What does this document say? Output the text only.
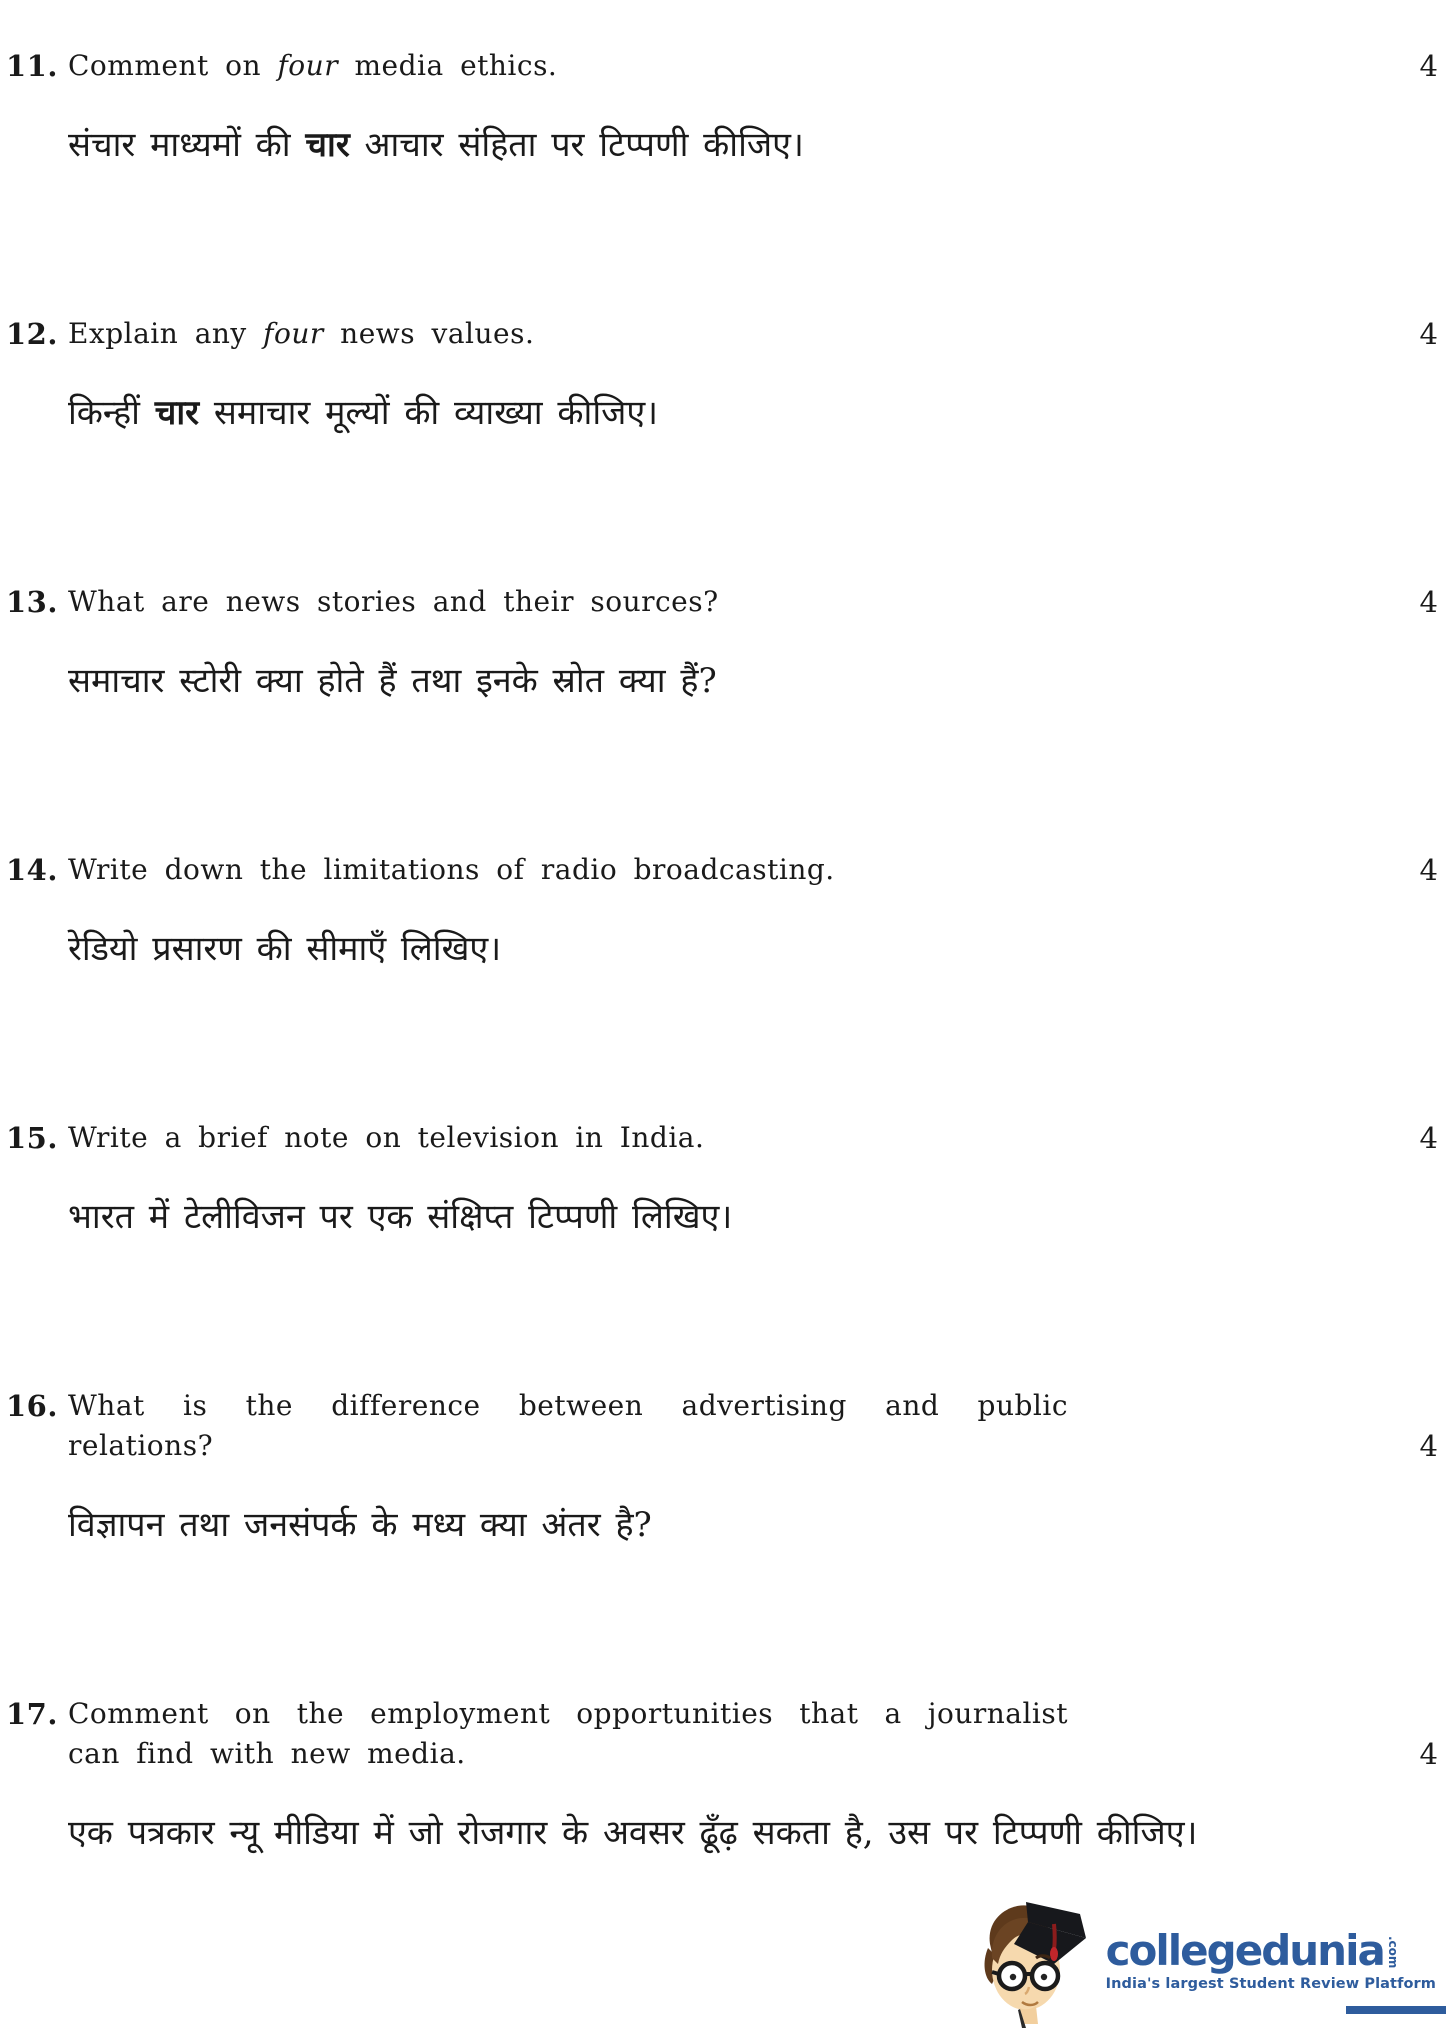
11. Comment on four media ethics.	4
संचार माध्यमों की चार आचार संहिता पर टिप्पणी कीजिए।
12. Explain any four news values.	4
किन्हीं चार समाचार मूल्यों की व्याख्या कीजिए।
13. What are news stories and their sources?	4
समाचार स्टोरी क्या होते हैं तथा इनके स्रोत क्या हैं?
14. Write down the limitations of radio broadcasting.	4
रेडियो प्रसारण की सीमाएँ लिखिए।
15. Write a brief note on television in India.	4
भारत में टेलीविजन पर एक संक्षिप्त टिप्पणी लिखिए।
16. What is the difference between advertising and public relations?	4
विज्ञापन तथा जनसंपर्क के मध्य क्या अंतर है?
17. Comment on the employment opportunities that a journalist can find with new media.	4
एक पत्रकार न्यू मीडिया में जो रोजगार के अवसर ढूँढ़ सकता है, उस पर टिप्पणी कीजिए।
collegedunia .com
India's largest Student Review Platform
